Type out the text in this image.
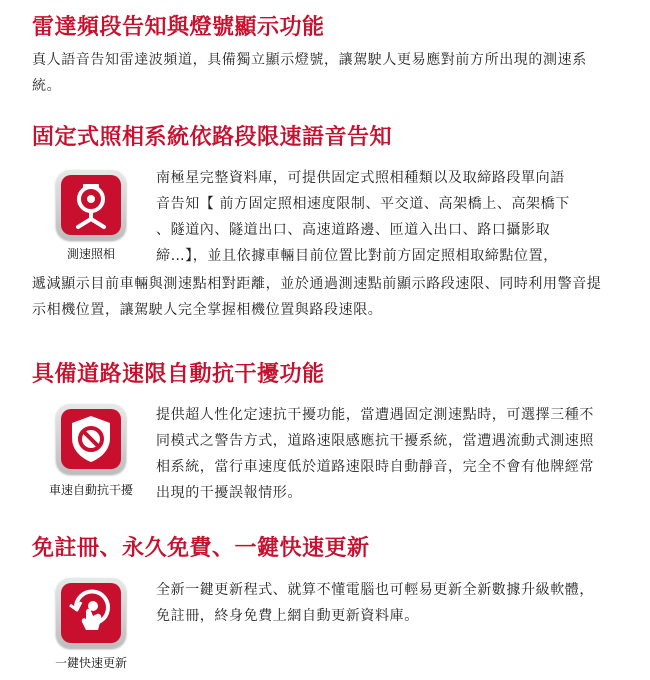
雷達頻段告知與燈號顯示功能

真人語音告知雷達波頻道，具備獨立顯示燈號，讓駕駛人更易應對前方所出現的測速系統。

固定式照相系統依路段限速語音告知
測速照相

南極星完整資料庫，可提供固定式照相種類以及取締路段單向語
音告知【 前方固定照相速度限制、平交道、高架橋上、高架橋下
、隧道內、隧道出口、高速道路邊、匝道入出口、路口攝影取
締…】，並且依據車輛目前位置比對前方固定照相取締點位置，

遞減顯示目前車輛與測速點相對距離，並於通過測速點前顯示路段速限、同時利用警音提示相機位置，讓駕駛人完全掌握相機位置與路段速限。

具備道路速限自動抗干擾功能
車速自動抗干擾

提供超人性化定速抗干擾功能，當遭遇固定測速點時，可選擇三種不同模式之警告方式，道路速限感應抗干擾系統，當遭遇流動式測速照相系統，當行車速度低於道路速限時自動靜音，完全不會有他牌經常出現的干擾誤報情形。

免註冊、永久免費、一鍵快速更新
一鍵快速更新

全新一鍵更新程式、就算不懂電腦也可輕易更新全新數據升級軟體，免註冊，終身免費上網自動更新資料庫。
